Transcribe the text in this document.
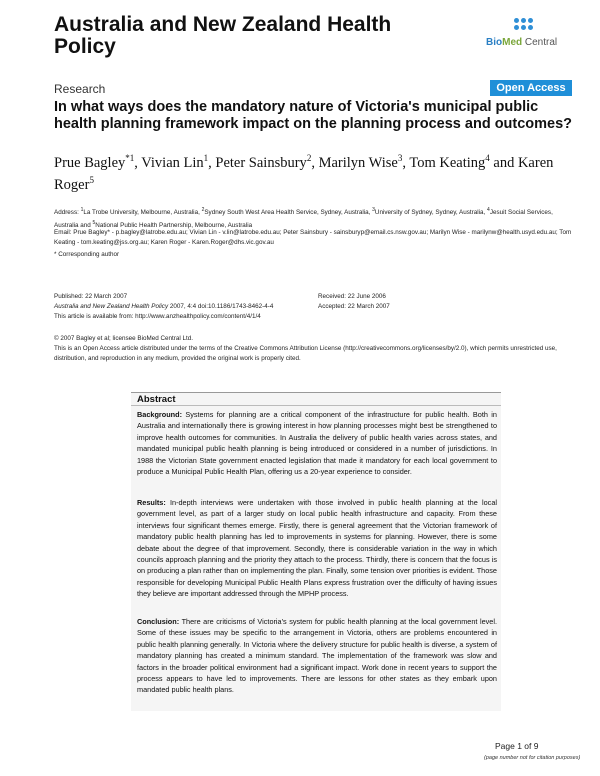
Australia and New Zealand Health Policy	BioMed Central
Research	Open Access
In what ways does the mandatory nature of Victoria's municipal public health planning framework impact on the planning process and outcomes?
Prue Bagley$^{*1}$, Vivian Lin$^1$, Peter Sainsbury$^2$, Marilyn Wise$^3$, Tom Keating$^4$ and Karen Roger$^5$
Address: $^1$La Trobe University, Melbourne, Australia, $^2$Sydney South West Area Health Service, Sydney, Australia, $^3$University of Sydney, Sydney, Australia, $^4$Jesuit Social Services, Australia and $^5$National Public Health Partnership, Melbourne, Australia
Email: Prue Bagley* - p.bagley@latrobe.edu.au; Vivian Lin - v.lin@latrobe.edu.au; Peter Sainsbury - sainsburyp@email.cs.nsw.gov.au; Marilyn Wise - marilynw@health.usyd.edu.au; Tom Keating - tom.keating@jss.org.au; Karen Roger - Karen.Roger@dhs.vic.gov.au
* Corresponding author
Published: 22 March 2007
Australia and New Zealand Health Policy 2007, 4:4 doi:10.1186/1743-8462-4-4
This article is available from: http://www.anzhealthpolicy.com/content/4/1/4
Received: 22 June 2006
Accepted: 22 March 2007
© 2007 Bagley et al; licensee BioMed Central Ltd.
This is an Open Access article distributed under the terms of the Creative Commons Attribution License (http://creativecommons.org/licenses/by/2.0), which permits unrestricted use, distribution, and reproduction in any medium, provided the original work is properly cited.
Abstract
Background: Systems for planning are a critical component of the infrastructure for public health. Both in Australia and internationally there is growing interest in how planning processes might best be strengthened to improve health outcomes for communities. In Australia the delivery of public health varies across states, and mandated municipal public health planning is being introduced or considered in a number of jurisdictions. In 1988 the Victorian State government enacted legislation that made it mandatory for each local government to produce a Municipal Public Health Plan, offering us a 20-year experience to consider.
Results: In-depth interviews were undertaken with those involved in public health planning at the local government level, as part of a larger study on local public health infrastructure and capacity. From these interviews four significant themes emerge. Firstly, there is general agreement that the Victorian framework of mandatory public health planning has led to improvements in systems for planning. However, there is some debate about the degree of that improvement. Secondly, there is considerable variation in the way in which councils approach planning and the priority they attach to the process. Thirdly, there is concern that the focus is on producing a plan rather than on implementing the plan. Finally, some tension over priorities is evident. Those responsible for developing Municipal Public Health Plans express frustration over the difficulty of having issues they believe are important addressed through the MPHP process.
Conclusion: There are criticisms of Victoria's system for public health planning at the local government level. Some of these issues may be specific to the arrangement in Victoria, others are problems encountered in public health planning generally. In Victoria where the delivery structure for public health is diverse, a system of mandatory planning has created a minimum standard. The implementation of the framework was slow and factors in the broader political environment had a significant impact. Work done in recent years to support the process appears to have led to improvements. There are lessons for other states as they embark upon mandated public health plans.
Page 1 of 9
(page number not for citation purposes)
